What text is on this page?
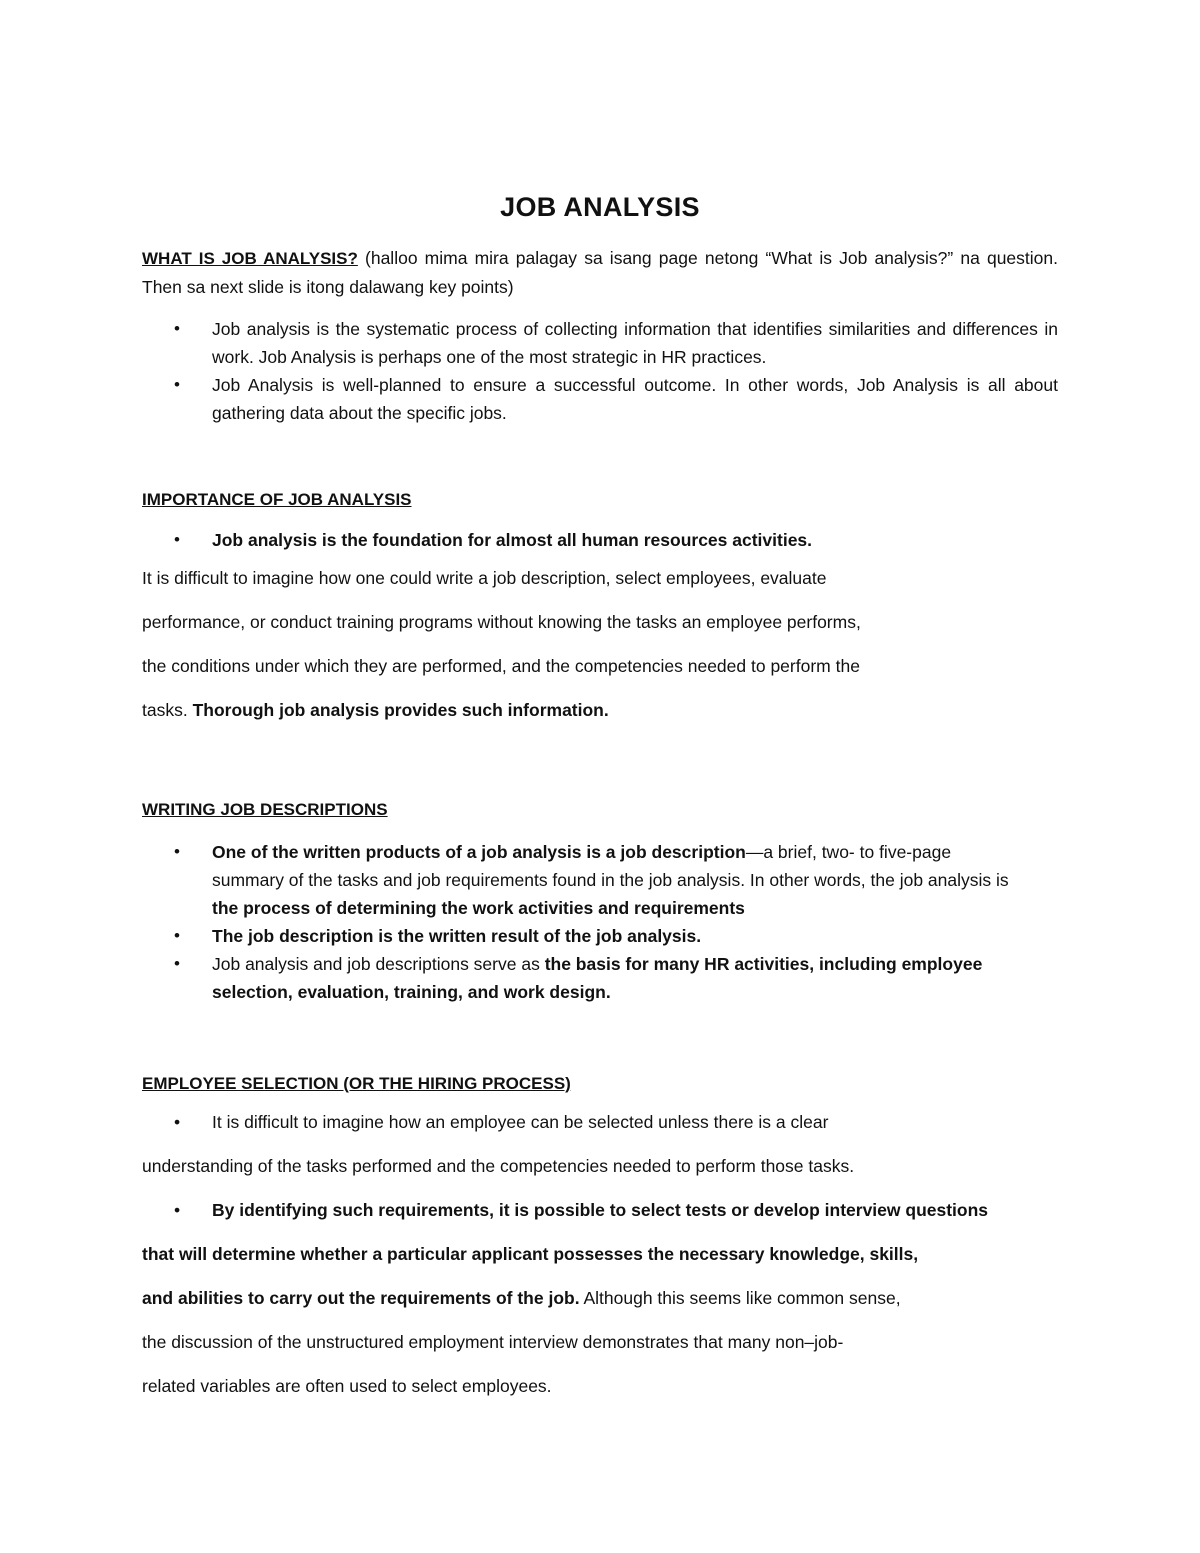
JOB ANALYSIS

WHAT IS JOB ANALYSIS? (halloo mima mira palagay sa isang page netong “What is Job analysis?” na question. Then sa next slide is itong dalawang key points)

• Job analysis is the systematic process of collecting information that identifies similarities and differences in work. Job Analysis is perhaps one of the most strategic in HR practices.
• Job Analysis is well-planned to ensure a successful outcome. In other words, Job Analysis is all about gathering data about the specific jobs.
IMPORTANCE OF JOB ANALYSIS
• Job analysis is the foundation for almost all human resources activities.
It is difficult to imagine how one could write a job description, select employees, evaluate
performance, or conduct training programs without knowing the tasks an employee performs,
the conditions under which they are performed, and the competencies needed to perform the
tasks. Thorough job analysis provides such information.
WRITING JOB DESCRIPTIONS
• One of the written products of a job analysis is a job description—a brief, two- to five-page summary of the tasks and job requirements found in the job analysis. In other words, the job analysis is the process of determining the work activities and requirements
• The job description is the written result of the job analysis.
• Job analysis and job descriptions serve as the basis for many HR activities, including employee selection, evaluation, training, and work design.
EMPLOYEE SELECTION (OR THE HIRING PROCESS)
• It is difficult to imagine how an employee can be selected unless there is a clear
understanding of the tasks performed and the competencies needed to perform those tasks.
• By identifying such requirements, it is possible to select tests or develop interview questions
that will determine whether a particular applicant possesses the necessary knowledge, skills,
and abilities to carry out the requirements of the job. Although this seems like common sense,
the discussion of the unstructured employment interview demonstrates that many non–job-
related variables are often used to select employees.
